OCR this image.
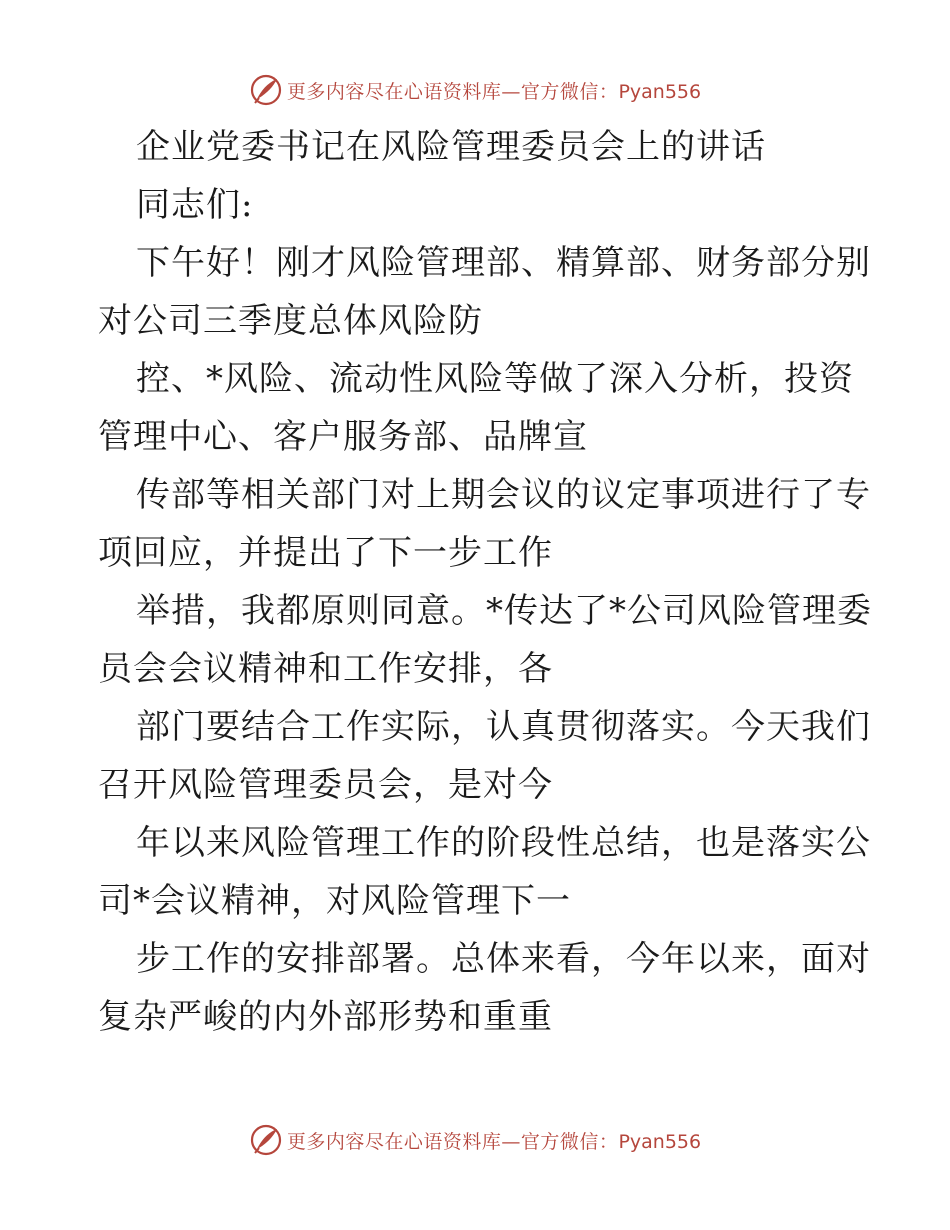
更多内容尽在心语资料库—官方微信：Pyan556
企业党委书记在风险管理委员会上的讲话
同志们:
下午好！刚才风险管理部、精算部、财务部分别
对公司三季度总体风险防
控、*风险、流动性风险等做了深入分析，投资
管理中心、客户服务部、品牌宣
传部等相关部门对上期会议的议定事项进行了专
项回应，并提出了下一步工作
举措，我都原则同意。*传达了*公司风险管理委
员会会议精神和工作安排，各
部门要结合工作实际，认真贯彻落实。今天我们
召开风险管理委员会，是对今
年以来风险管理工作的阶段性总结，也是落实公
司*会议精神，对风险管理下一
步工作的安排部署。总体来看，今年以来，面对
复杂严峻的内外部形势和重重
更多内容尽在心语资料库—官方微信：Pyan556
